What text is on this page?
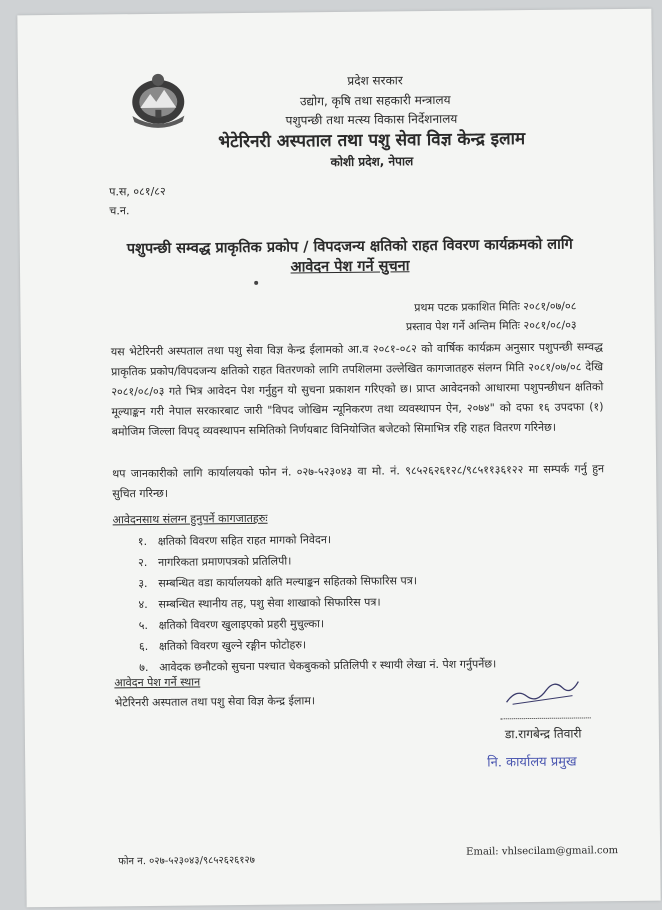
प्रदेश सरकार
उद्योग, कृषि तथा सहकारी मन्त्रालय
पशुपन्छी तथा मत्स्य विकास निर्देशनालय
भेटेरिनरी अस्पताल तथा पशु सेवा विज्ञ केन्द्र इलाम
कोशी प्रदेश, नेपाल
प.स, ०८१/८२
च.न.
पशुपन्छी सम्वद्ध प्राकृतिक प्रकोप / विपदजन्य क्षतिको राहत विवरण कार्यक्रमको लागि
आवेदन पेश गर्ने सुचना
प्रथम पटक प्रकाशित मितिः २०८१/०७/०८
प्रस्ताव पेश गर्ने अन्तिम मितिः २०८१/०८/०३
यस भेटेरिनरी अस्पताल तथा पशु सेवा विज्ञ केन्द्र ईलामको आ.व २०८१-०८२ को वार्षिक कार्यक्रम अनुसार पशुपन्छी सम्वद्ध प्राकृतिक प्रकोप/विपदजन्य क्षतिको राहत वितरणको लागि तपशिलमा उल्लेखित कागजातहरु संलग्न मिति २०८१/०७/०८ देखि २०८१/०८/०३ गते भित्र आवेदन पेश गर्नुहुन यो सुचना प्रकाशन गरिएको छ। प्राप्त आवेदनको आधारमा पशुपन्छीधन क्षतिको मूल्याङ्कन गरी नेपाल सरकारबाट जारी "विपद जोखिम न्यूनिकरण तथा व्यवस्थापन ऐन, २०७४" को दफा १६ उपदफा (१) बमोजिम जिल्ला विपद् व्यवस्थापन समितिको निर्णयबाट विनियोजित बजेटको सिमाभित्र रहि राहत वितरण गरिनेछ।
थप जानकारीको लागि कार्यालयको फोन नं. ०२७-५२३०४३ वा मो. नं. ९८५२६२६१२८/९८५११३६१२२ मा सम्पर्क गर्नु हुन सुचित गरिन्छ।
आवेदनसाथ संलग्न हुनुपर्ने कागजातहरुः
१. क्षतिको विवरण सहित राहत मागको निवेदन।
२. नागरिकता प्रमाणपत्रको प्रतिलिपी।
३. सम्बन्धित वडा कार्यालयको क्षति मल्याङ्कन सहितको सिफारिस पत्र।
४. सम्बन्धित स्थानीय तह, पशु सेवा शाखाको सिफारिस पत्र।
५. क्षतिको विवरण खुलाइएको प्रहरी मुचुल्का।
६. क्षतिको विवरण खुल्ने रङ्गीन फोटोहरु।
७. आवेदक छनौटको सुचना पश्चात चेकबुकको प्रतिलिपी र स्थायी लेखा नं. पेश गर्नुपर्नेछ।
आवेदन पेश गर्ने स्थान
भेटेरिनरी अस्पताल तथा पशु सेवा विज्ञ केन्द्र ईलाम।
डा.रागबेन्द्र तिवारी
नि. कार्यालय प्रमुख
फोन न. ०२७-५२३०४३/९८५२६२६१२७
Email: vhlsecilam@gmail.com
